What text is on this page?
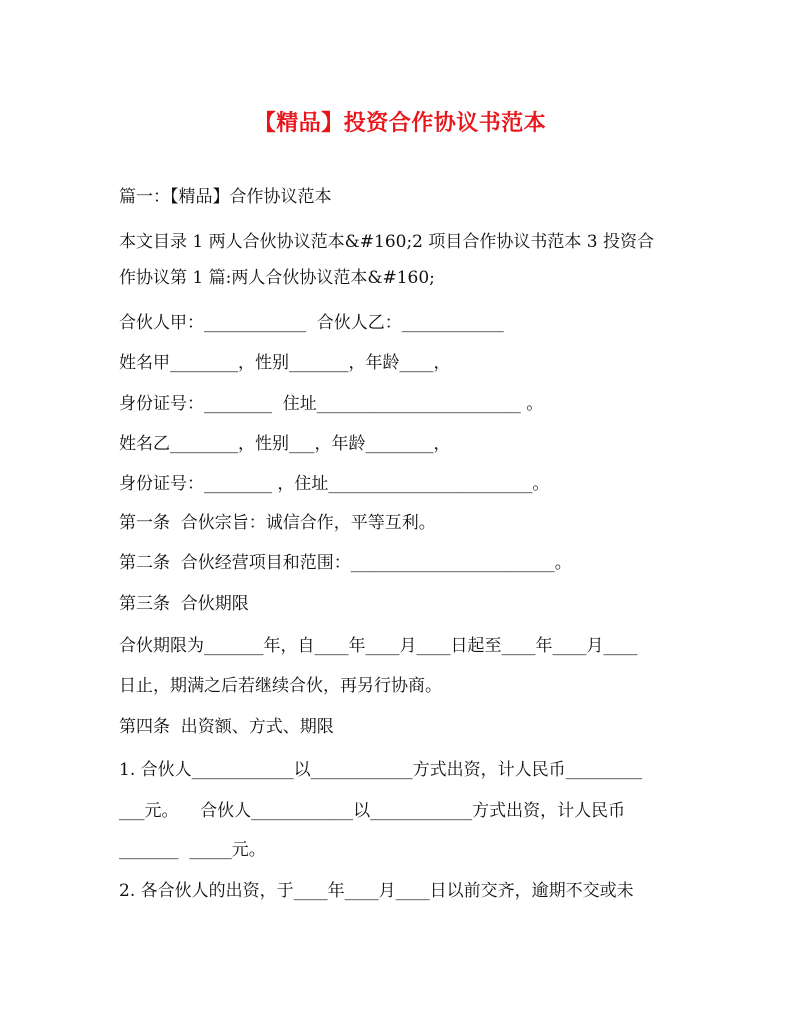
【精品】投资合作协议书范本
篇一：【精品】合作协议范本
本文目录 1 两人合伙协议范本&#160;2 项目合作协议书范本 3 投资合
作协议第 1 篇:两人合伙协议范本&#160;
合伙人甲：____________  合伙人乙：____________
姓名甲________，性别_______，年龄____，
身份证号：________  住址________________________ 。
姓名乙________，性别___，年龄________，
身份证号：________ ，住址________________________。
第一条  合伙宗旨：诚信合作，平等互利。
第二条  合伙经营项目和范围：________________________。
第三条  合伙期限
合伙期限为_______年，自____年____月____日起至____年____月____
日止，期满之后若继续合伙，再另行协商。
第四条  出资额、方式、期限
1. 合伙人____________以____________方式出资，计人民币_________
___元。    合伙人____________以____________方式出资，计人民币
_______  _____元。
2. 各合伙人的出资，于____年____月____日以前交齐，逾期不交或未
